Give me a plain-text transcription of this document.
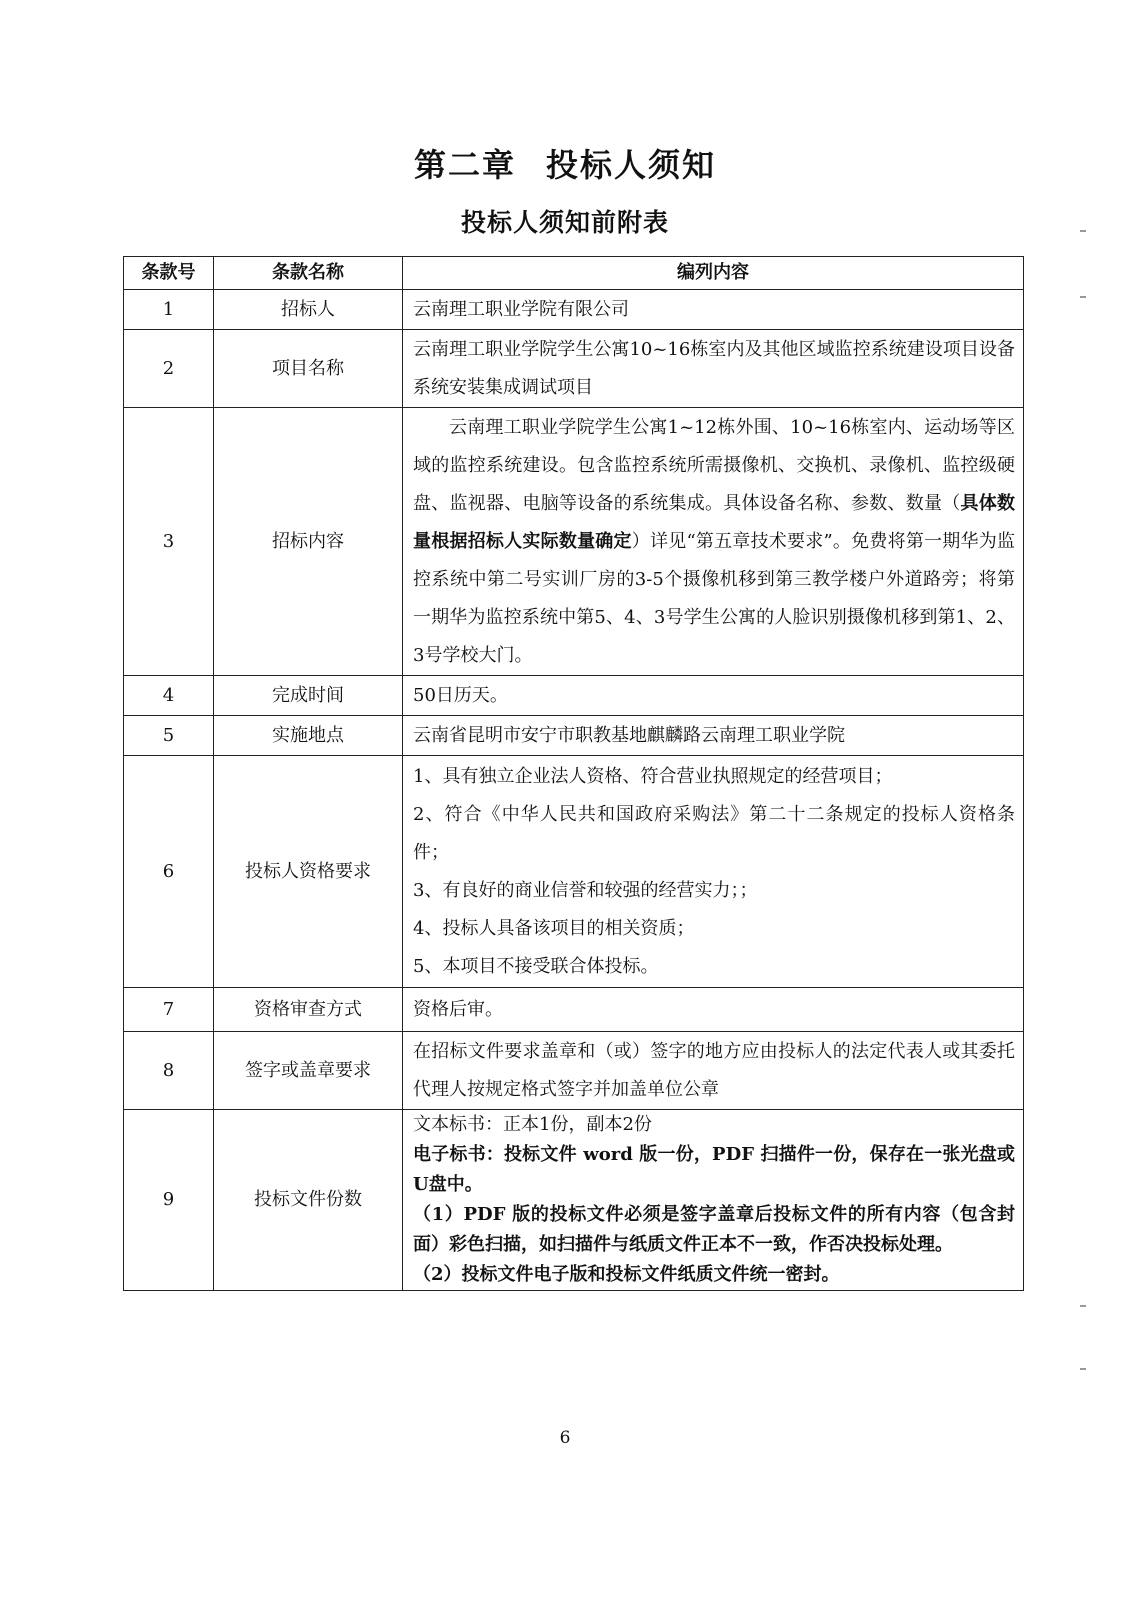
第二章 投标人须知
投标人须知前附表
条款号	条款名称	编列内容
1	招标人	云南理工职业学院有限公司
2	项目名称	云南理工职业学院学生公寓10~16栋室内及其他区域监控系统建设项目设备系统安装集成调试项目
3	招标内容	云南理工职业学院学生公寓1~12栋外围、10~16栋室内、运动场等区域的监控系统建设。包含监控系统所需摄像机、交换机、录像机、监控级硬盘、监视器、电脑等设备的系统集成。具体设备名称、参数、数量（具体数量根据招标人实际数量确定）详见“第五章技术要求”。免费将第一期华为监控系统中第二号实训厂房的3-5个摄像机移到第三教学楼户外道路旁；将第一期华为监控系统中第5、4、3号学生公寓的人脸识别摄像机移到第1、2、3号学校大门。
4	完成时间	50日历天。
5	实施地点	云南省昆明市安宁市职教基地麒麟路云南理工职业学院
6	投标人资格要求	1、具有独立企业法人资格、符合营业执照规定的经营项目；
2、符合《中华人民共和国政府采购法》第二十二条规定的投标人资格条件；
3、有良好的商业信誉和较强的经营实力；；
4、投标人具备该项目的相关资质；
5、本项目不接受联合体投标。

7	资格审查方式	资格后审。
8	签字或盖章要求	在招标文件要求盖章和（或）签字的地方应由投标人的法定代表人或其委托代理人按规定格式签字并加盖单位公章
9	投标文件份数	文本标书：正本1份，副本2份
电子标书：投标文件 word 版一份，PDF 扫描件一份，保存在一张光盘或U盘中。
（1）PDF 版的投标文件必须是签字盖章后投标文件的所有内容（包含封面）彩色扫描，如扫描件与纸质文件正本不一致，作否决投标处理。
（2）投标文件电子版和投标文件纸质文件统一密封。
6
